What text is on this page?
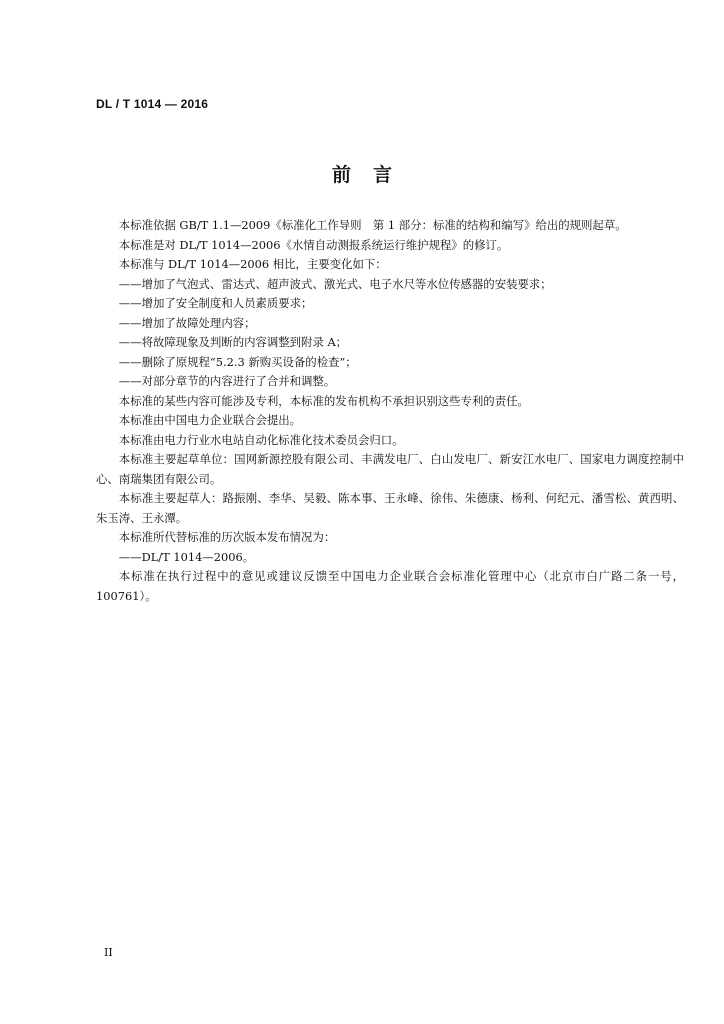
DL / T 1014 — 2016
前言

本标准依据 GB/T 1.1—2009《标准化工作导则　第 1 部分：标准的结构和编写》给出的规则起草。

本标准是对 DL/T 1014—2006《水情自动测报系统运行维护规程》的修订。

本标准与 DL/T 1014—2006 相比，主要变化如下：

——增加了气泡式、雷达式、超声波式、激光式、电子水尺等水位传感器的安装要求；

——增加了安全制度和人员素质要求；

——增加了故障处理内容；

——将故障现象及判断的内容调整到附录 A；

——删除了原规程“5.2.3 新购买设备的检查”；

——对部分章节的内容进行了合并和调整。

本标准的某些内容可能涉及专利，本标准的发布机构不承担识别这些专利的责任。

本标准由中国电力企业联合会提出。

本标准由电力行业水电站自动化标准化技术委员会归口。

本标准主要起草单位：国网新源控股有限公司、丰满发电厂、白山发电厂、新安江水电厂、国家电力调度控制中心、南瑞集团有限公司。

本标准主要起草人：路振刚、李华、吴毅、陈本事、王永峰、徐伟、朱德康、杨利、何纪元、潘雪松、黄西明、朱玉涛、王永潭。

本标准所代替标准的历次版本发布情况为：

——DL/T 1014—2006。

本标准在执行过程中的意见或建议反馈至中国电力企业联合会标准化管理中心（北京市白广路二条一号，100761）。

II
